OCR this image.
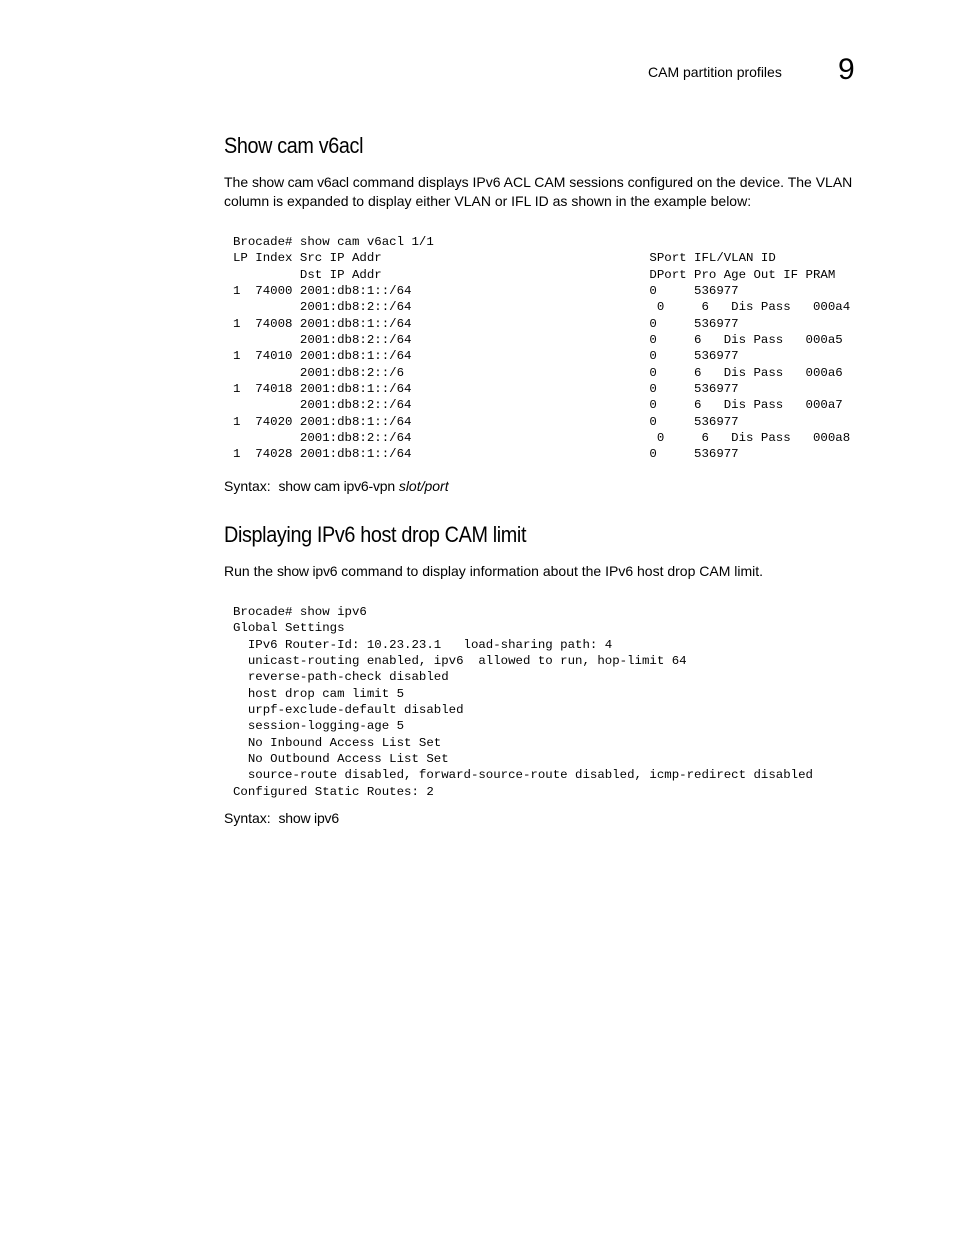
CAM partition profiles 9
Show cam v6acl

The show cam v6acl command displays IPv6 ACL CAM sessions configured on the device. The VLAN column is expanded to display either VLAN or IFL ID as shown in the example below:

Brocade# show cam v6acl 1/1
LP Index Src IP Addr                                    SPort IFL/VLAN ID
Dst IP Addr                                    DPort Pro Age Out IF PRAM
1  74000 2001:db8:1::/64                                0     536977
2001:db8:2::/64                                 0     6   Dis Pass   000a4
1  74008 2001:db8:1::/64                                0     536977
2001:db8:2::/64                                0     6   Dis Pass   000a5
1  74010 2001:db8:1::/64                                0     536977
2001:db8:2::/6                                 0     6   Dis Pass   000a6
1  74018 2001:db8:1::/64                                0     536977
2001:db8:2::/64                                0     6   Dis Pass   000a7
1  74020 2001:db8:1::/64                                0     536977
2001:db8:2::/64                                 0     6   Dis Pass   000a8
1  74028 2001:db8:1::/64                                0     536977

Syntax: show cam ipv6-vpn slot/port

Displaying IPv6 host drop CAM limit

Run the show ipv6 command to display information about the IPv6 host drop CAM limit.

Brocade# show ipv6
Global Settings
IPv6 Router-Id: 10.23.23.1   load-sharing path: 4
unicast-routing enabled, ipv6  allowed to run, hop-limit 64
reverse-path-check disabled
host drop cam limit 5
urpf-exclude-default disabled
session-logging-age 5
No Inbound Access List Set
No Outbound Access List Set
source-route disabled, forward-source-route disabled, icmp-redirect disabled
Configured Static Routes: 2

Syntax: show ipv6
